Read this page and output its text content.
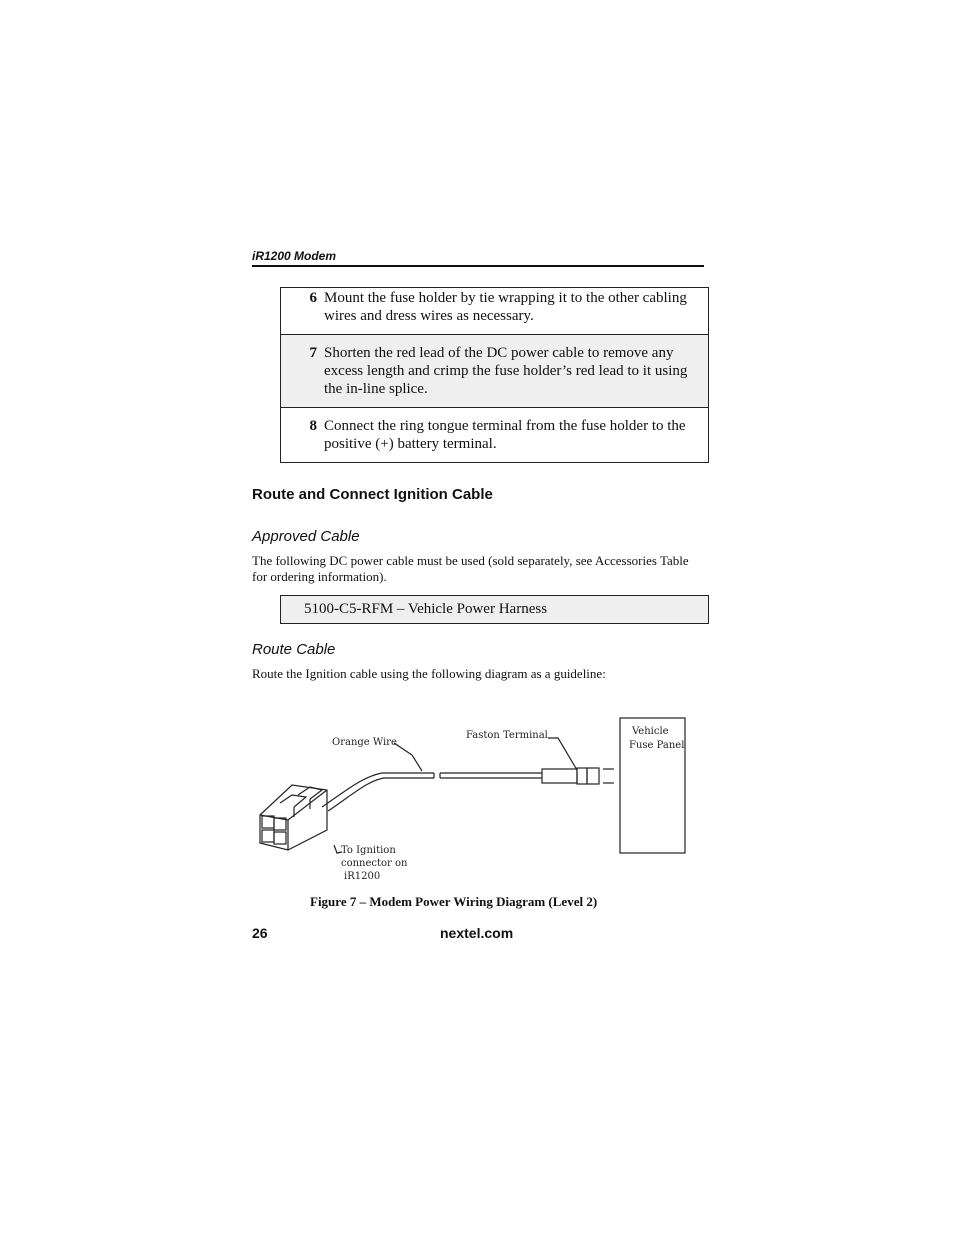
iR1200 Modem
6	Mount the fuse holder by tie wrapping it to the other cabling wires and dress wires as necessary.
7	Shorten the red lead of the DC power cable to remove any excess length and crimp the fuse holder’s red lead to it using the in-line splice.
8	Connect the ring tongue terminal from the fuse holder to the positive (+) battery terminal.
Route and Connect Ignition Cable
Approved Cable
The following DC power cable must be used (sold separately, see Accessories Table for ordering information).
5100-C5-RFM – Vehicle Power Harness
Route Cable
Route the Ignition cable using the following diagram as a guideline:
Orange Wire
Faston Terminal	Vehicle
Fuse Panel
To Ignition
connector on
iR1200
Figure 7 – Modem Power Wiring Diagram (Level 2)
26	nextel.com
